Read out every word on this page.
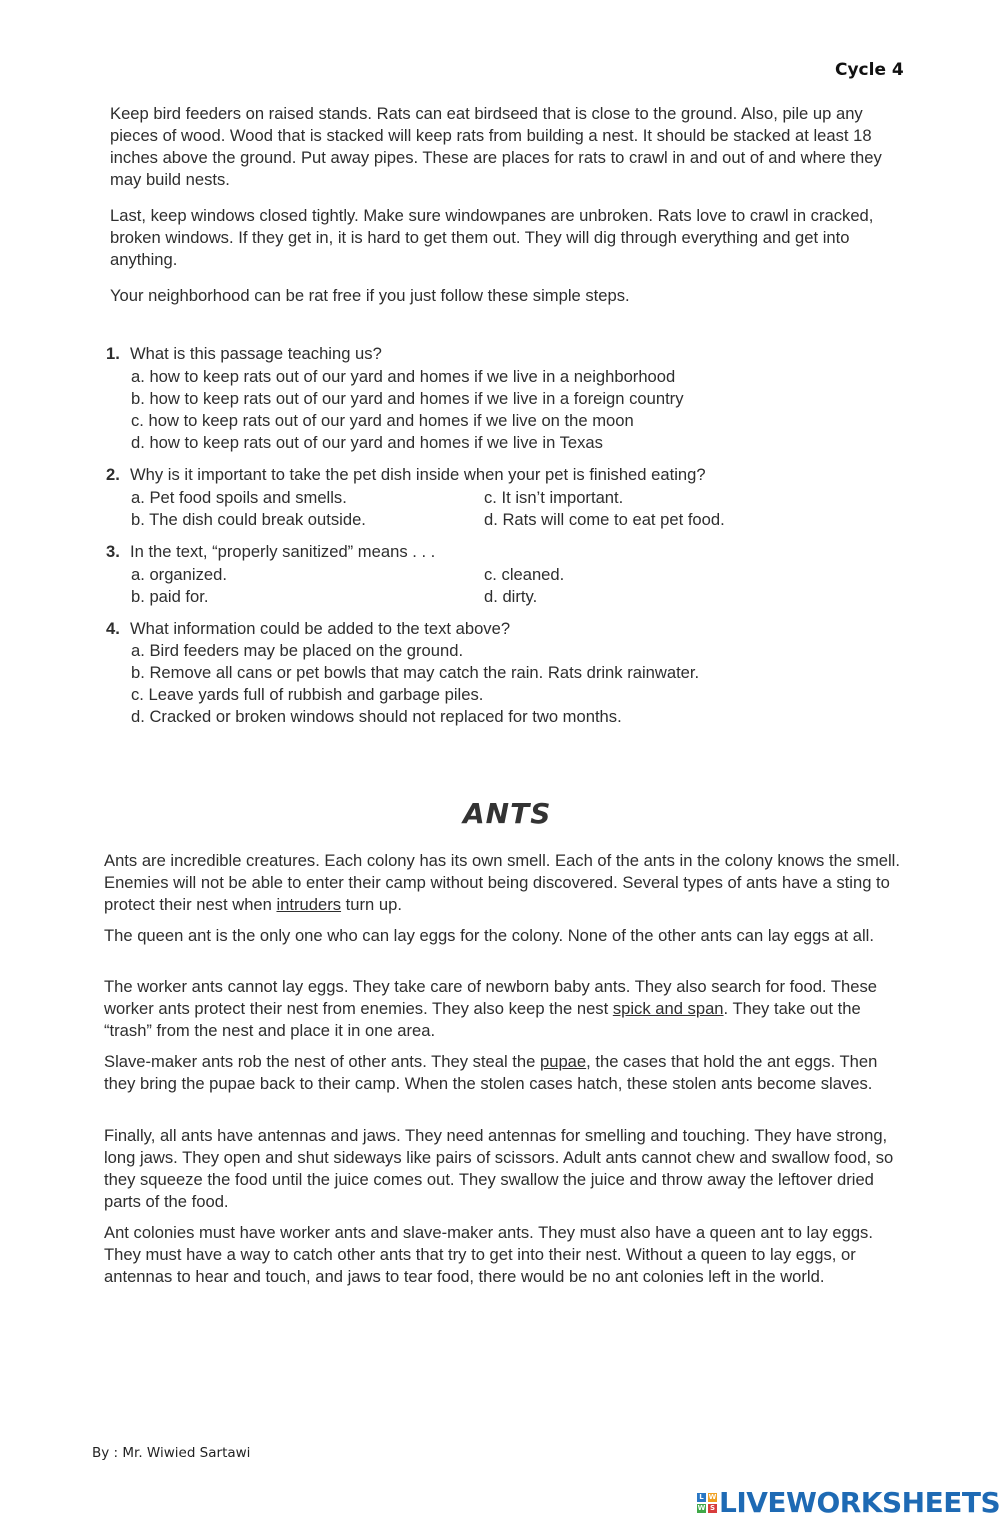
Cycle 4

Keep bird feeders on raised stands. Rats can eat birdseed that is close to the ground. Also, pile up any pieces of wood. Wood that is stacked will keep rats from building a nest. It should be stacked at least 18 inches above the ground. Put away pipes. These are places for rats to crawl in and out of and where they may build nests.

Last, keep windows closed tightly. Make sure windowpanes are unbroken. Rats love to crawl in cracked, broken windows. If they get in, it is hard to get them out. They will dig through everything and get into anything.

Your neighborhood can be rat free if you just follow these simple steps.

1. What is this passage teaching us?
a. how to keep rats out of our yard and homes if we live in a neighborhood
b. how to keep rats out of our yard and homes if we live in a foreign country
c. how to keep rats out of our yard and homes if we live on the moon
d. how to keep rats out of our yard and homes if we live in Texas
2. Why is it important to take the pet dish inside when your pet is finished eating?
a. Pet food spoils and smells.	c. It isn’t important.
b. The dish could break outside.	d. Rats will come to eat pet food.
3. In the text, “properly sanitized” means . . .
a. organized.	c. cleaned.
b. paid for.	d. dirty.
4. What information could be added to the text above?
a. Bird feeders may be placed on the ground.
b. Remove all cans or pet bowls that may catch the rain. Rats drink rainwater.
c. Leave yards full of rubbish and garbage piles.
d. Cracked or broken windows should not replaced for two months.
ANTS

Ants are incredible creatures. Each colony has its own smell. Each of the ants in the colony knows the smell. Enemies will not be able to enter their camp without being discovered. Several types of ants have a sting to protect their nest when intruders turn up.

The queen ant is the only one who can lay eggs for the colony. None of the other ants can lay eggs at all.

The worker ants cannot lay eggs. They take care of newborn baby ants. They also search for food. These worker ants protect their nest from enemies. They also keep the nest spick and span. They take out the “trash” from the nest and place it in one area.

Slave-maker ants rob the nest of other ants. They steal the pupae, the cases that hold the ant eggs. Then they bring the pupae back to their camp. When the stolen cases hatch, these stolen ants become slaves.

Finally, all ants have antennas and jaws. They need antennas for smelling and touching. They have strong, long jaws. They open and shut sideways like pairs of scissors. Adult ants cannot chew and swallow food, so they squeeze the food until the juice comes out. They swallow the juice and throw away the leftover dried parts of the food.

Ant colonies must have worker ants and slave-maker ants. They must also have a queen ant to lay eggs. They must have a way to catch other ants that try to get into their nest. Without a queen to lay eggs, or antennas to hear and touch, and jaws to tear food, there would be no ant colonies left in the world.

By : Mr. Wiwied Sartawi
L W
W S LIVEWORKSHEETS
